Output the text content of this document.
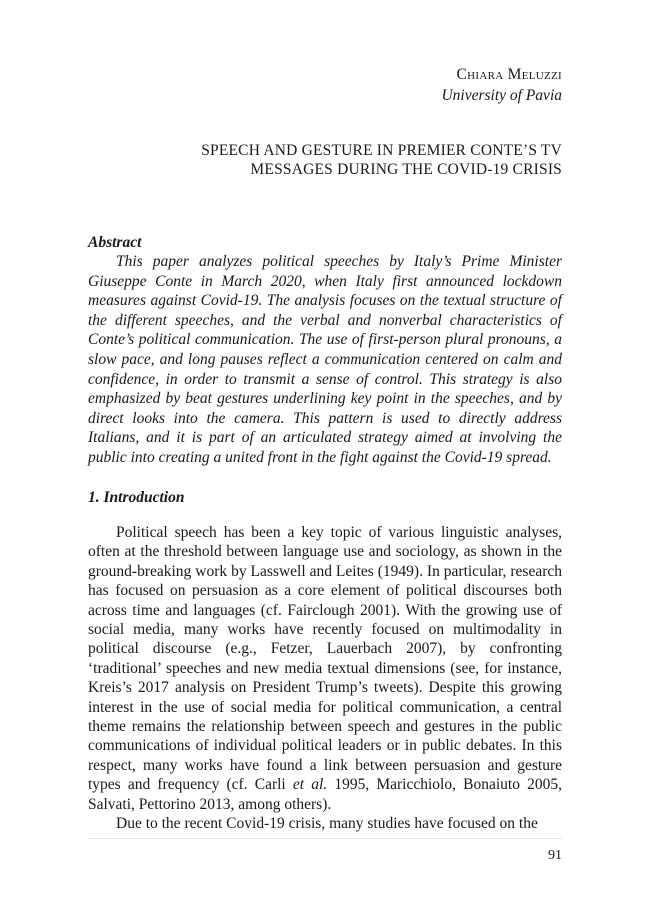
Chiara Meluzzi
University of Pavia
SPEECH AND GESTURE IN PREMIER CONTE’S TV
MESSAGES DURING THE COVID-19 CRISIS
Abstract

This paper analyzes political speeches by Italy’s Prime Minister Giuseppe Conte in March 2020, when Italy first announced lockdown measures against Covid-19. The analysis focuses on the textual structure of the different speeches, and the verbal and nonverbal characteristics of Conte’s political communication. The use of first-person plural pronouns, a slow pace, and long pauses reflect a communication centered on calm and confidence, in order to transmit a sense of control. This strategy is also emphasized by beat gestures underlining key point in the speeches, and by direct looks into the camera. This pattern is used to directly address Italians, and it is part of an articulated strategy aimed at involving the public into creating a united front in the fight against the Covid-19 spread.

1. Introduction

Political speech has been a key topic of various linguistic analyses, often at the threshold between language use and sociology, as shown in the ground-breaking work by Lasswell and Leites (1949). In particular, research has focused on persuasion as a core element of political discourses both across time and languages (cf. Fairclough 2001). With the growing use of social media, many works have recently focused on multimodality in political discourse (e.g., Fetzer, Lauerbach 2007), by confronting ‘traditional’ speeches and new media textual dimensions (see, for instance, Kreis’s 2017 analysis on President Trump’s tweets). Despite this growing interest in the use of social media for political communication, a central theme remains the relationship between speech and gestures in the public communications of individual political leaders or in public debates. In this respect, many works have found a link between persuasion and gesture types and frequency (cf. Carli et al. 1995, Maricchiolo, Bonaiuto 2005, Salvati, Pettorino 2013, among others).

Due to the recent Covid-19 crisis, many studies have focused on the

91
